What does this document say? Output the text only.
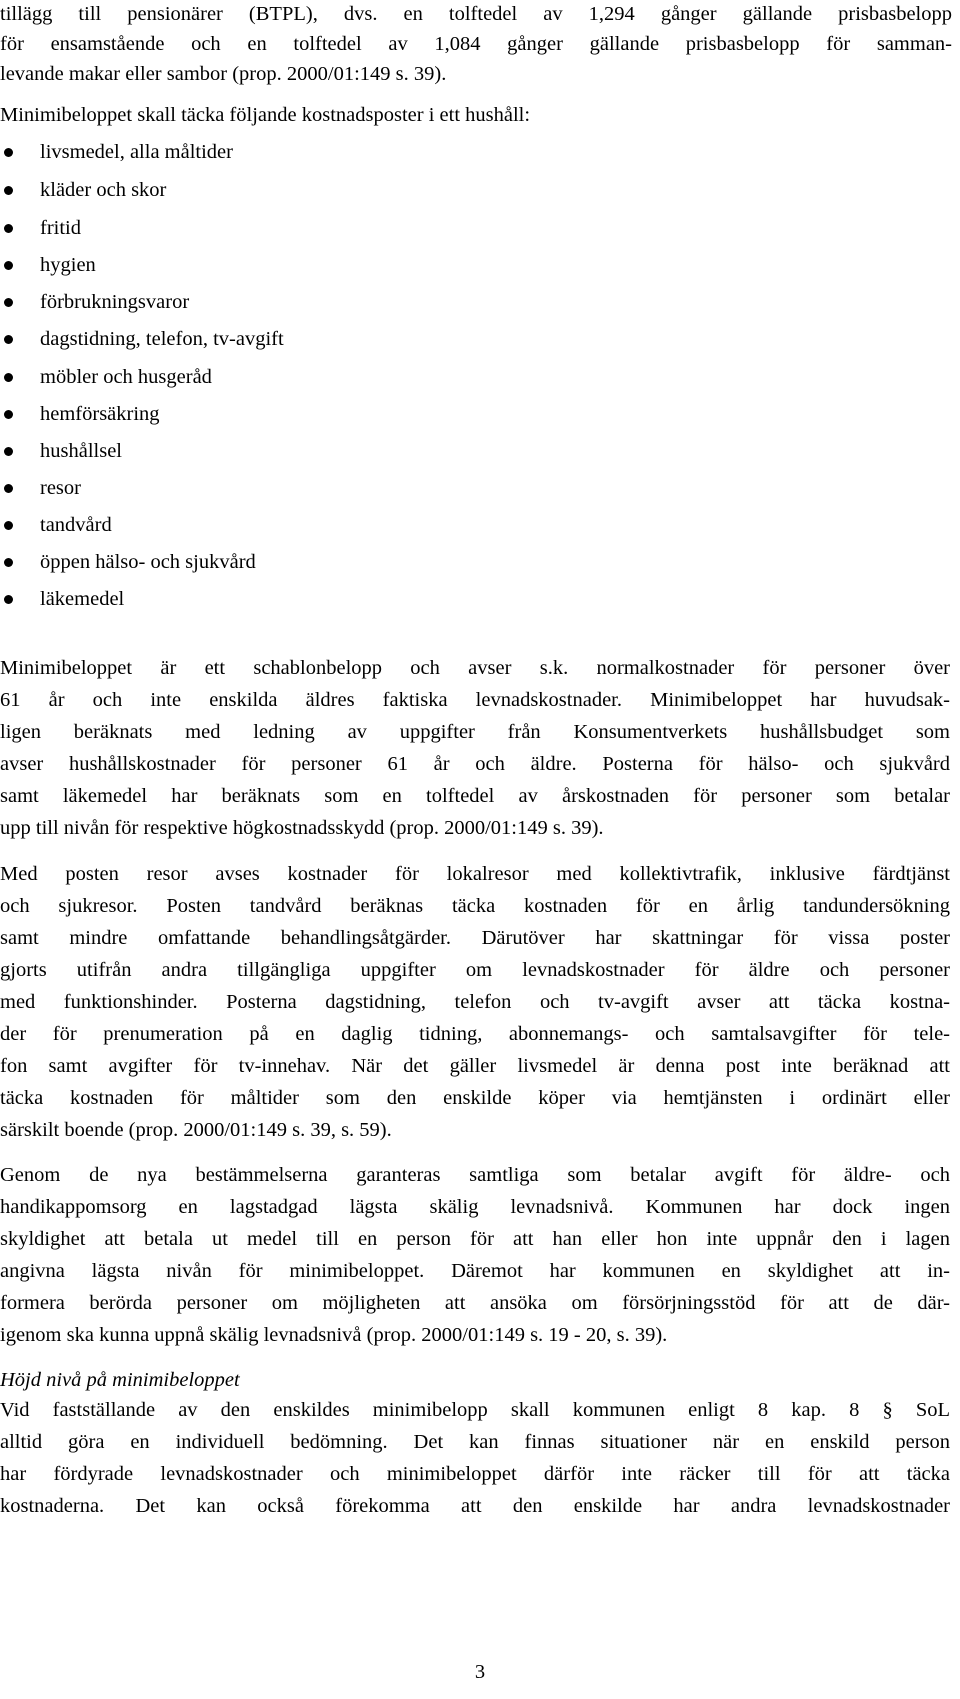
tillägg till pensionärer (BTPL), dvs. en tolftedel av 1,294 gånger gällande prisbasbelopp
för ensamstående och en tolftedel av 1,084 gånger gällande prisbasbelopp för samman-
levande makar eller sambor (prop. 2000/01:149 s. 39).
Minimibeloppet skall täcka följande kostnadsposter i ett hushåll:
livsmedel, alla måltider
kläder och skor
fritid
hygien
förbrukningsvaror
dagstidning, telefon, tv-avgift
möbler och husgeråd
hemförsäkring
hushållsel
resor
tandvård
öppen hälso- och sjukvård
läkemedel
Minimibeloppet är ett schablonbelopp och avser s.k. normalkostnader för personer över
61 år och inte enskilda äldres faktiska levnadskostnader. Minimibeloppet har huvudsak-
ligen beräknats med ledning av uppgifter från Konsumentverkets hushållsbudget som
avser hushållskostnader för personer 61 år och äldre. Posterna för hälso- och sjukvård
samt läkemedel har beräknats som en tolftedel av årskostnaden för personer som betalar
upp till nivån för respektive högkostnadsskydd (prop. 2000/01:149 s. 39).
Med posten resor avses kostnader för lokalresor med kollektivtrafik, inklusive färdtjänst
och sjukresor. Posten tandvård beräknas täcka kostnaden för en årlig tandundersökning
samt mindre omfattande behandlingsåtgärder. Därutöver har skattningar för vissa poster
gjorts utifrån andra tillgängliga uppgifter om levnadskostnader för äldre och personer
med funktionshinder. Posterna dagstidning, telefon och tv-avgift avser att täcka kostna-
der för prenumeration på en daglig tidning, abonnemangs- och samtalsavgifter för tele-
fon samt avgifter för tv-innehav. När det gäller livsmedel är denna post inte beräknad att
täcka kostnaden för måltider som den enskilde köper via hemtjänsten i ordinärt eller
särskilt boende (prop. 2000/01:149 s. 39, s. 59).
Genom de nya bestämmelserna garanteras samtliga som betalar avgift för äldre- och
handikappomsorg en lagstadgad lägsta skälig levnadsnivå. Kommunen har dock ingen
skyldighet att betala ut medel till en person för att han eller hon inte uppnår den i lagen
angivna lägsta nivån för minimibeloppet. Däremot har kommunen en skyldighet att in-
formera berörda personer om möjligheten att ansöka om försörjningsstöd för att de där-
igenom ska kunna uppnå skälig levnadsnivå (prop. 2000/01:149 s. 19 - 20, s. 39).
Höjd nivå på minimibeloppet
Vid fastställande av den enskildes minimibelopp skall kommunen enligt 8 kap. 8 § SoL
alltid göra en individuell bedömning. Det kan finnas situationer när en enskild person
har fördyrade levnadskostnader och minimibeloppet därför inte räcker till för att täcka
kostnaderna. Det kan också förekomma att den enskilde har andra levnadskostnader
3
